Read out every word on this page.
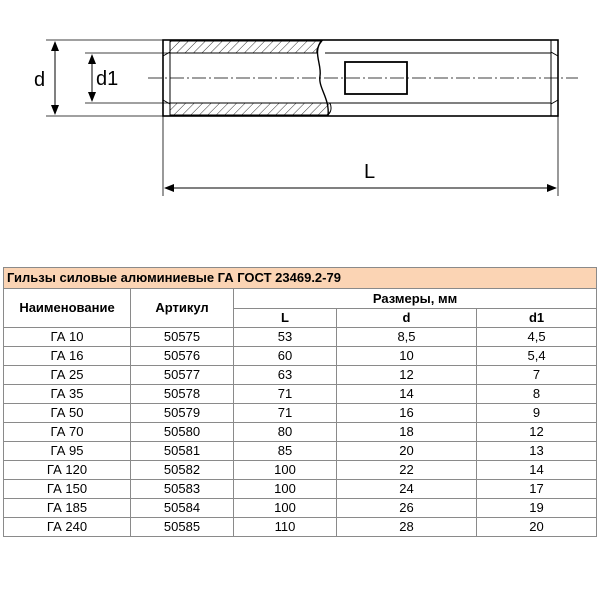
d	d1
L
Гильзы силовые алюминиевые ГА ГОСТ 23469.2-79				
Наименование	Артикул	Размеры, мм		
		L	d	d1
ГА 10	50575	53	8,5	4,5
ГА 16	50576	60	10	5,4
ГА 25	50577	63	12	7
ГА 35	50578	71	14	8
ГА 50	50579	71	16	9
ГА 70	50580	80	18	12
ГА 95	50581	85	20	13
ГА 120	50582	100	22	14
ГА 150	50583	100	24	17
ГА 185	50584	100	26	19
ГА 240	50585	110	28	20
